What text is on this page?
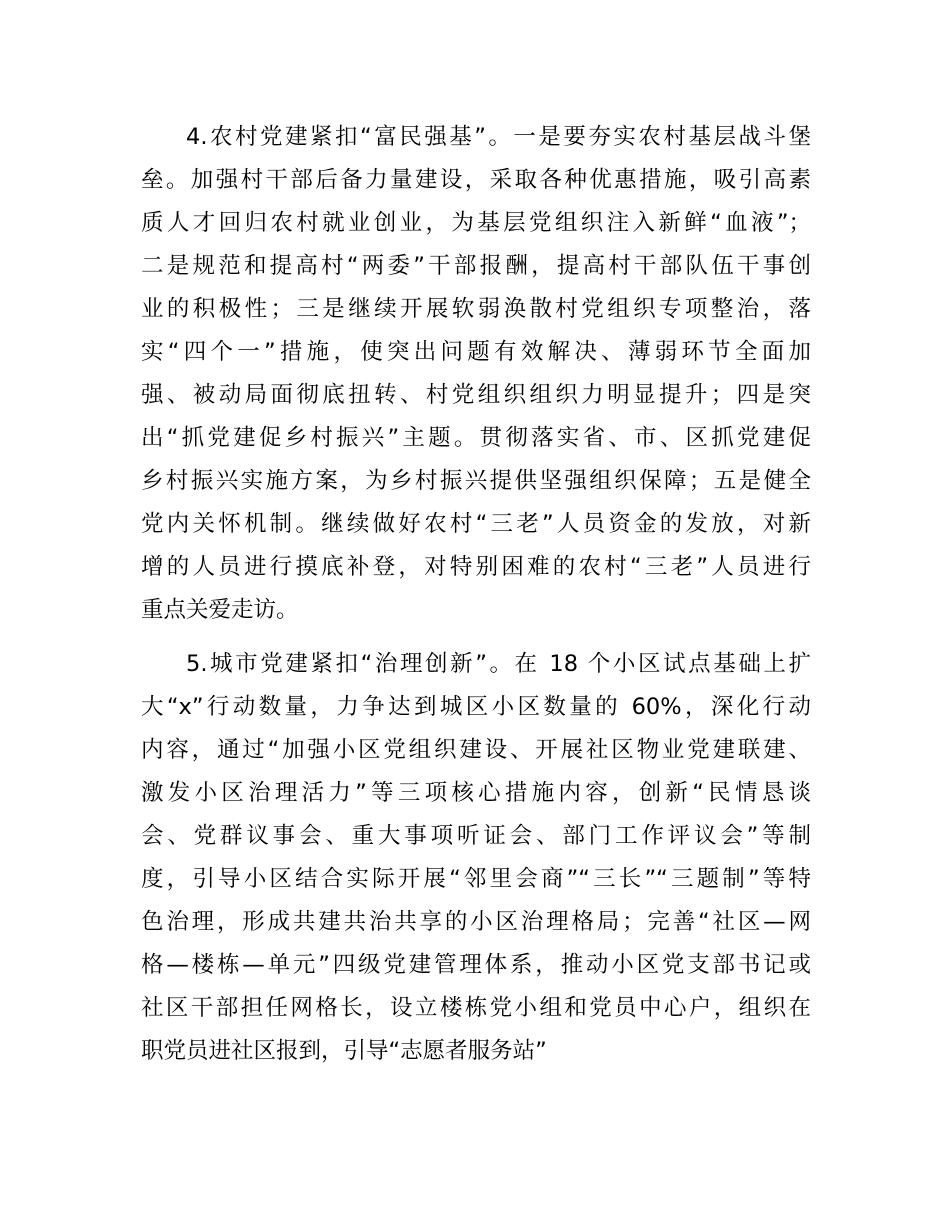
4.农村党建紧扣“富民强基”。一是要夯实农村基层战斗堡
垒。加强村干部后备力量建设，采取各种优惠措施，吸引高素
质人才回归农村就业创业，为基层党组织注入新鲜“血液”；
二是规范和提高村“两委”干部报酬，提高村干部队伍干事创
业的积极性；三是继续开展软弱涣散村党组织专项整治，落
实“四个一”措施，使突出问题有效解决、薄弱环节全面加
强、被动局面彻底扭转、村党组织组织力明显提升；四是突
出“抓党建促乡村振兴”主题。贯彻落实省、市、区抓党建促
乡村振兴实施方案，为乡村振兴提供坚强组织保障；五是健全
党内关怀机制。继续做好农村“三老”人员资金的发放，对新
增的人员进行摸底补登，对特别困难的农村“三老”人员进行
重点关爱走访。
5.城市党建紧扣“治理创新”。在 18 个小区试点基础上扩
大“x”行动数量，力争达到城区小区数量的 60%，深化行动
内容，通过“加强小区党组织建设、开展社区物业党建联建、
激发小区治理活力”等三项核心措施内容，创新“民情恳谈
会、党群议事会、重大事项听证会、部门工作评议会”等制
度，引导小区结合实际开展“邻里会商”“三长”“三题制”等特
色治理，形成共建共治共享的小区治理格局；完善“社区—网
格—楼栋—单元”四级党建管理体系，推动小区党支部书记或
社区干部担任网格长，设立楼栋党小组和党员中心户，组织在
职党员进社区报到，引导“志愿者服务站”
